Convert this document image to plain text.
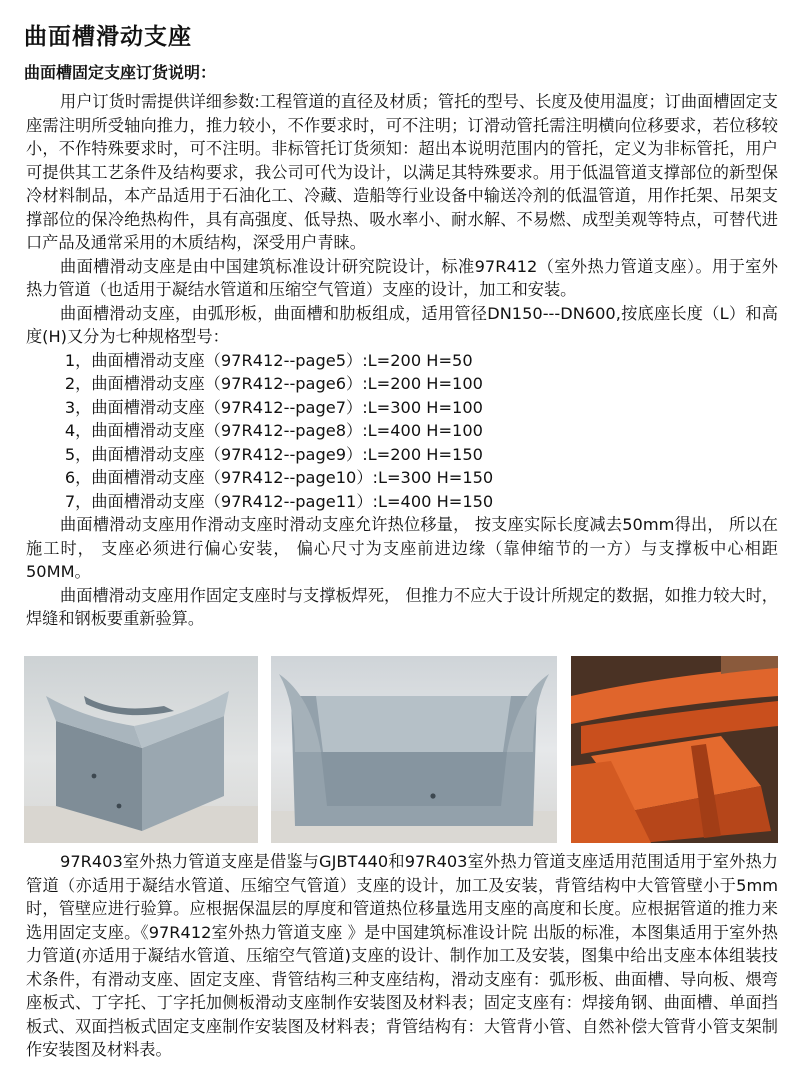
曲面槽滑动支座
曲面槽固定支座订货说明：

用户订货时需提供详细参数:工程管道的直径及材质；管托的型号、长度及使用温度；订曲面槽固定支座需注明所受轴向推力，推力较小，不作要求时，可不注明；订滑动管托需注明横向位移要求，若位移较小，不作特殊要求时，可不注明。非标管托订货须知：超出本说明范围内的管托，定义为非标管托，用户可提供其工艺条件及结构要求，我公司可代为设计，以满足其特殊要求。用于低温管道支撑部位的新型保冷材料制品，本产品适用于石油化工、冷藏、造船等行业设备中输送冷剂的低温管道，用作托架、吊架支撑部位的保冷绝热构件，具有高强度、低导热、吸水率小、耐水解、不易燃、成型美观等特点，可替代进口产品及通常采用的木质结构，深受用户青睐。

曲面槽滑动支座是由中国建筑标准设计研究院设计，标准97R412（室外热力管道支座）。用于室外热力管道（也适用于凝结水管道和压缩空气管道）支座的设计，加工和安装。

曲面槽滑动支座，由弧形板，曲面槽和肋板组成，适用管径DN150---DN600,按底座长度（L）和高度(H)又分为七种规格型号：

1，曲面槽滑动支座（97R412--page5）:L=200 H=50
2，曲面槽滑动支座（97R412--page6）:L=200 H=100
3，曲面槽滑动支座（97R412--page7）:L=300 H=100
4，曲面槽滑动支座（97R412--page8）:L=400 H=100
5，曲面槽滑动支座（97R412--page9）:L=200 H=150
6，曲面槽滑动支座（97R412--page10）:L=300 H=150
7，曲面槽滑动支座（97R412--page11）:L=400 H=150

曲面槽滑动支座用作滑动支座时滑动支座允许热位移量， 按支座实际长度减去50mm得出， 所以在施工时， 支座必须进行偏心安装， 偏心尺寸为支座前进边缘（靠伸缩节的一方）与支撑板中心相距50MM。

曲面槽滑动支座用作固定支座时与支撑板焊死， 但推力不应大于设计所规定的数据，如推力较大时， 焊缝和钢板要重新验算。

97R403室外热力管道支座是借鉴与GJBT440和97R403室外热力管道支座适用范围适用于室外热力管道（亦适用于凝结水管道、压缩空气管道）支座的设计，加工及安装，背管结构中大管管壁小于5mm时，管壁应进行验算。应根据保温层的厚度和管道热位移量选用支座的高度和长度。应根据管道的推力来选用固定支座。《97R412室外热力管道支座 》是中国建筑标准设计院 出版的标准，本图集适用于室外热力管道(亦适用于凝结水管道、压缩空气管道)支座的设计、制作加工及安装，图集中给出支座本体组装技术条件，有滑动支座、固定支座、背管结构三种支座结构，滑动支座有：弧形板、曲面槽、导向板、煨弯座板式、丁字托、丁字托加侧板滑动支座制作安装图及材料表；固定支座有：焊接角钢、曲面槽、单面挡板式、双面挡板式固定支座制作安装图及材料表；背管结构有：大管背小管、自然补偿大管背小管支架制作安装图及材料表。
